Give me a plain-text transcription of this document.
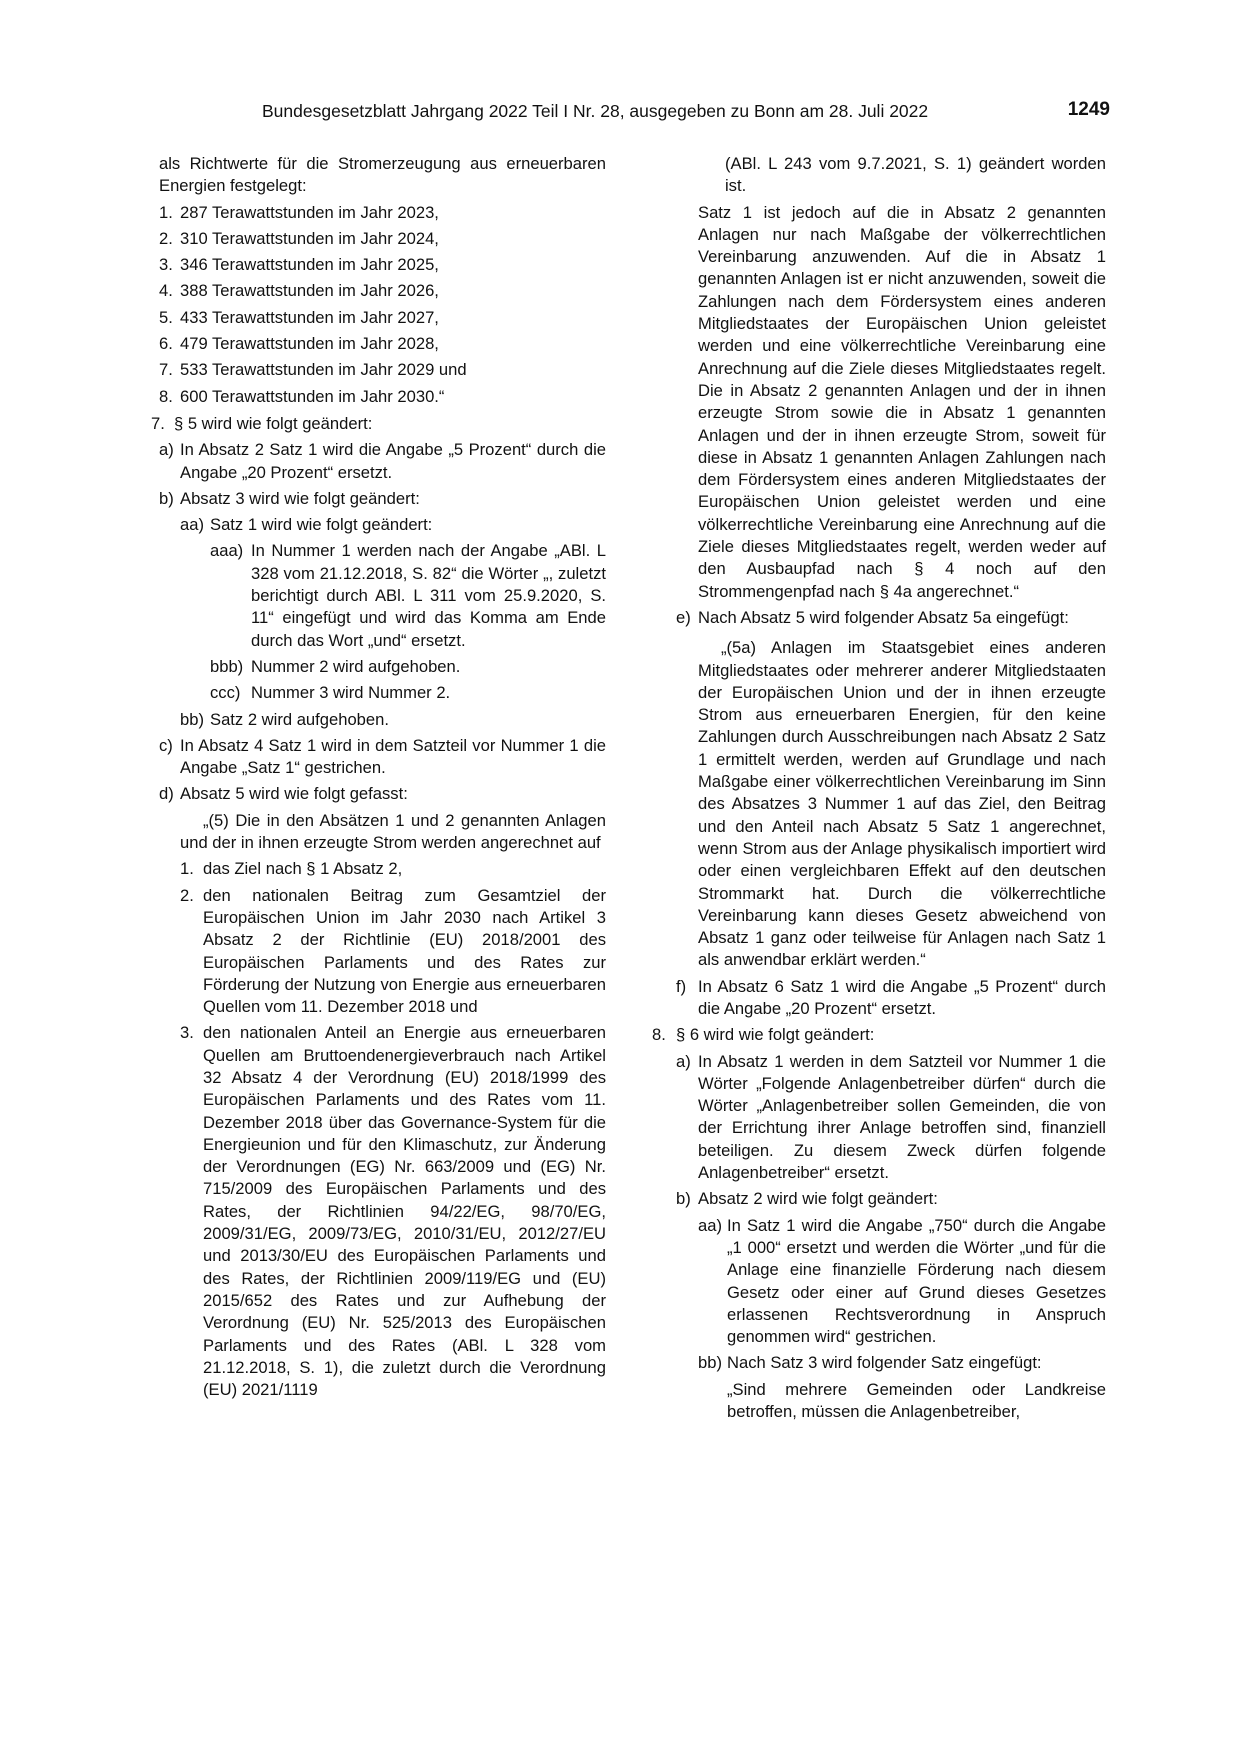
Bundesgesetzblatt Jahrgang 2022 Teil I Nr. 28, ausgegeben zu Bonn am 28. Juli 2022	1249
als Richtwerte für die Stromerzeugung aus erneuerbaren Energien festgelegt:
1. 287 Terawattstunden im Jahr 2023,
2. 310 Terawattstunden im Jahr 2024,
3. 346 Terawattstunden im Jahr 2025,
4. 388 Terawattstunden im Jahr 2026,
5. 433 Terawattstunden im Jahr 2027,
6. 479 Terawattstunden im Jahr 2028,
7. 533 Terawattstunden im Jahr 2029 und
8. 600 Terawattstunden im Jahr 2030.“
7. § 5 wird wie folgt geändert:
a) In Absatz 2 Satz 1 wird die Angabe „5 Prozent“ durch die Angabe „20 Prozent“ ersetzt.
b) Absatz 3 wird wie folgt geändert:
aa) Satz 1 wird wie folgt geändert:
aaa) In Nummer 1 werden nach der Angabe „ABl. L 328 vom 21.12.2018, S. 82“ die Wörter „, zuletzt berichtigt durch ABl. L 311 vom 25.9.2020, S. 11“ eingefügt und wird das Komma am Ende durch das Wort „und“ ersetzt.
bbb) Nummer 2 wird aufgehoben.
ccc) Nummer 3 wird Nummer 2.
bb) Satz 2 wird aufgehoben.
c) In Absatz 4 Satz 1 wird in dem Satzteil vor Nummer 1 die Angabe „Satz 1“ gestrichen.
d) Absatz 5 wird wie folgt gefasst:
„(5) Die in den Absätzen 1 und 2 genannten Anlagen und der in ihnen erzeugte Strom werden angerechnet auf
1. das Ziel nach § 1 Absatz 2,
2. den nationalen Beitrag zum Gesamtziel der Europäischen Union im Jahr 2030 nach Artikel 3 Absatz 2 der Richtlinie (EU) 2018/2001 des Europäischen Parlaments und des Rates zur Förderung der Nutzung von Energie aus erneuerbaren Quellen vom 11. Dezember 2018 und
3. den nationalen Anteil an Energie aus erneuerbaren Quellen am Bruttoendenergieverbrauch nach Artikel 32 Absatz 4 der Verordnung (EU) 2018/1999 des Europäischen Parlaments und des Rates vom 11. Dezember 2018 über das Governance-System für die Energieunion und für den Klimaschutz, zur Änderung der Verordnungen (EG) Nr. 663/2009 und (EG) Nr. 715/2009 des Europäischen Parlaments und des Rates, der Richtlinien 94/22/EG, 98/70/EG, 2009/31/EG, 2009/73/EG, 2010/31/EU, 2012/27/EU und 2013/30/EU des Europäischen Parlaments und des Rates, der Richtlinien 2009/119/EG und (EU) 2015/652 des Rates und zur Aufhebung der Verordnung (EU) Nr. 525/2013 des Europäischen Parlaments und des Rates (ABl. L 328 vom 21.12.2018, S. 1), die zuletzt durch die Verordnung (EU) 2021/1119
(ABl. L 243 vom 9.7.2021, S. 1) geändert worden ist.
Satz 1 ist jedoch auf die in Absatz 2 genannten Anlagen nur nach Maßgabe der völkerrechtlichen Vereinbarung anzuwenden. Auf die in Absatz 1 genannten Anlagen ist er nicht anzuwenden, soweit die Zahlungen nach dem Fördersystem eines anderen Mitgliedstaates der Europäischen Union geleistet werden und eine völkerrechtliche Vereinbarung eine Anrechnung auf die Ziele dieses Mitgliedstaates regelt. Die in Absatz 2 genannten Anlagen und der in ihnen erzeugte Strom sowie die in Absatz 1 genannten Anlagen und der in ihnen erzeugte Strom, soweit für diese in Absatz 1 genannten Anlagen Zahlungen nach dem Fördersystem eines anderen Mitgliedstaates der Europäischen Union geleistet werden und eine völkerrechtliche Vereinbarung eine Anrechnung auf die Ziele dieses Mitgliedstaates regelt, werden weder auf den Ausbaupfad nach § 4 noch auf den Strommengenpfad nach § 4a angerechnet.“
e) Nach Absatz 5 wird folgender Absatz 5a eingefügt:
„(5a) Anlagen im Staatsgebiet eines anderen Mitgliedstaates oder mehrerer anderer Mitgliedstaaten der Europäischen Union und der in ihnen erzeugte Strom aus erneuerbaren Energien, für den keine Zahlungen durch Ausschreibungen nach Absatz 2 Satz 1 ermittelt werden, werden auf Grundlage und nach Maßgabe einer völkerrechtlichen Vereinbarung im Sinn des Absatzes 3 Nummer 1 auf das Ziel, den Beitrag und den Anteil nach Absatz 5 Satz 1 angerechnet, wenn Strom aus der Anlage physikalisch importiert wird oder einen vergleichbaren Effekt auf den deutschen Strommarkt hat. Durch die völkerrechtliche Vereinbarung kann dieses Gesetz abweichend von Absatz 1 ganz oder teilweise für Anlagen nach Satz 1 als anwendbar erklärt werden.“
f) In Absatz 6 Satz 1 wird die Angabe „5 Prozent“ durch die Angabe „20 Prozent“ ersetzt.
8. § 6 wird wie folgt geändert:
a) In Absatz 1 werden in dem Satzteil vor Nummer 1 die Wörter „Folgende Anlagenbetreiber dürfen“ durch die Wörter „Anlagenbetreiber sollen Gemeinden, die von der Errichtung ihrer Anlage betroffen sind, finanziell beteiligen. Zu diesem Zweck dürfen folgende Anlagenbetreiber“ ersetzt.
b) Absatz 2 wird wie folgt geändert:
aa) In Satz 1 wird die Angabe „750“ durch die Angabe „1 000“ ersetzt und werden die Wörter „und für die Anlage eine finanzielle Förderung nach diesem Gesetz oder einer auf Grund dieses Gesetzes erlassenen Rechtsverordnung in Anspruch genommen wird“ gestrichen.
bb) Nach Satz 3 wird folgender Satz eingefügt:
„Sind mehrere Gemeinden oder Landkreise betroffen, müssen die Anlagenbetreiber,
